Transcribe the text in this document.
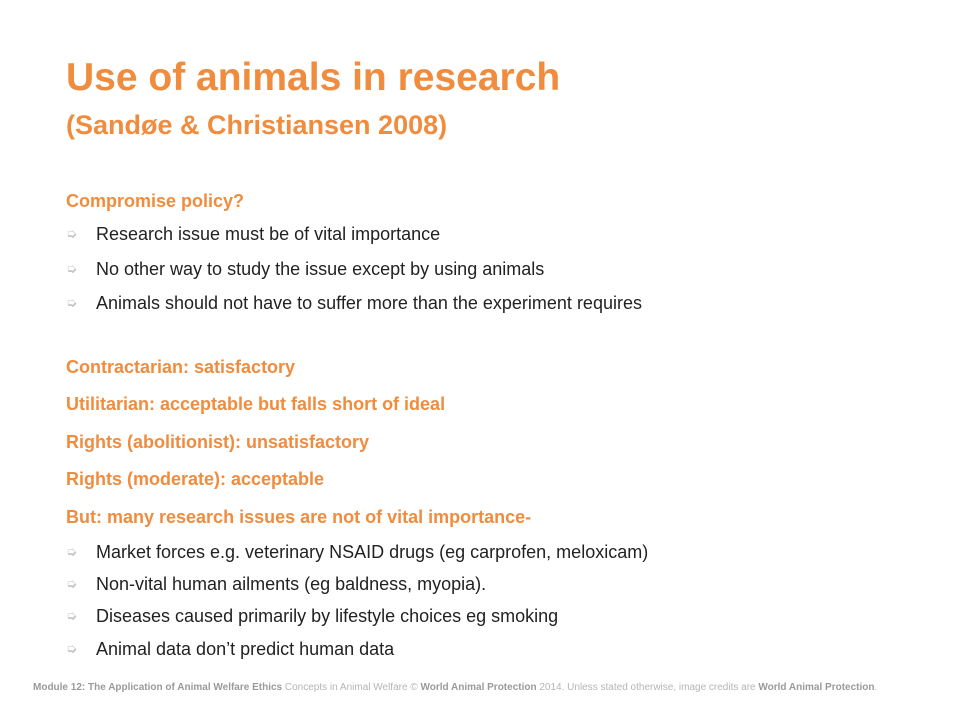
Use of animals in research
(Sandøe & Christiansen 2008)
Compromise policy?
➭	Research issue must be of vital importance
➭	No other way to study the issue except by using animals
➭	Animals should not have to suffer more than the experiment requires
Contractarian: satisfactory
Utilitarian: acceptable but falls short of ideal
Rights (abolitionist): unsatisfactory
Rights (moderate): acceptable
But: many research issues are not of vital importance-
➭	Market forces e.g. veterinary NSAID drugs (eg carprofen, meloxicam)
➭	Non-vital human ailments (eg baldness, myopia).
➭	Diseases caused primarily by lifestyle choices eg smoking
➭	Animal data don’t predict human data
Module 12: The Application of Animal Welfare Ethics Concepts in Animal Welfare © World Animal Protection 2014. Unless stated otherwise, image credits are World Animal Protection.
